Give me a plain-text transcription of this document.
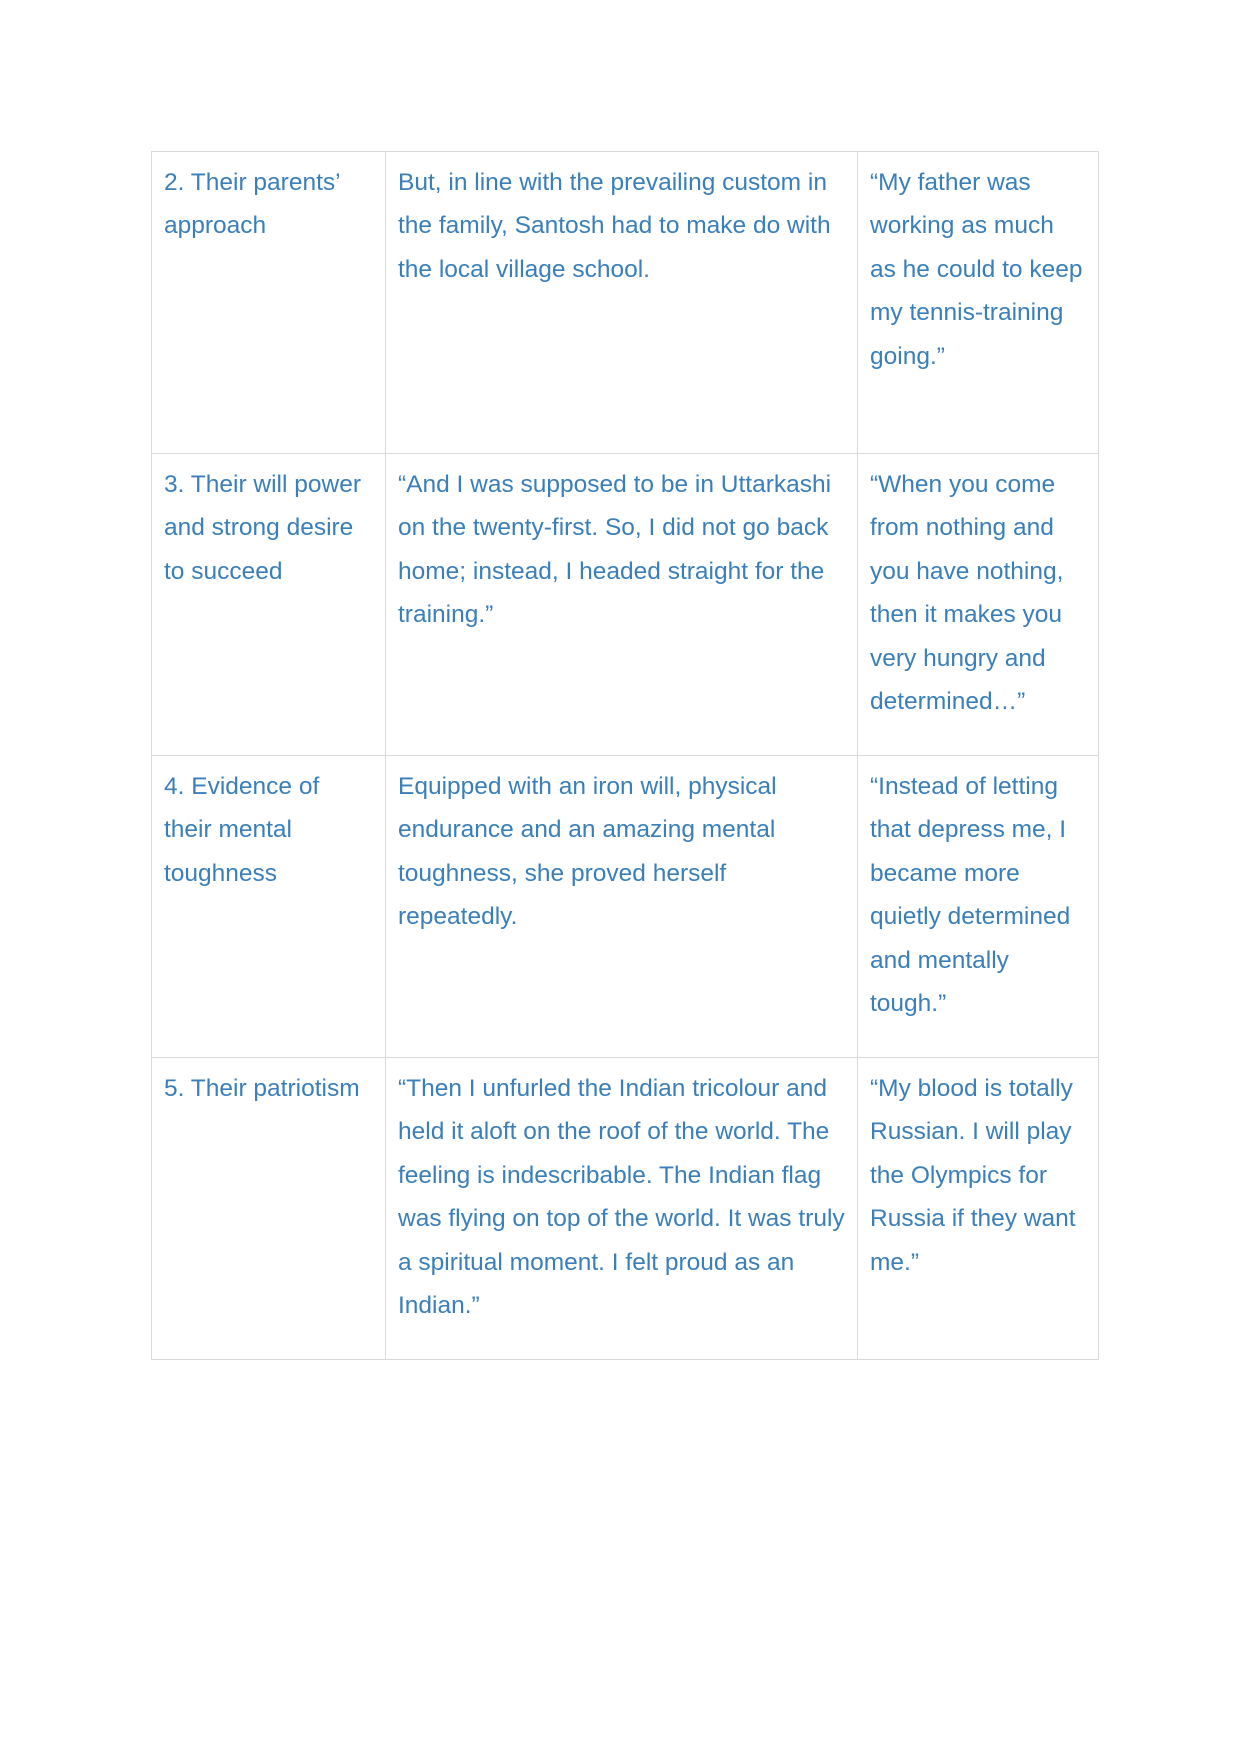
2. Their parents’ approach	But, in line with the prevailing custom in the family, Santosh had to make do with the local village school.	“My father was working as much as he could to keep my tennis-training going.”

3. Their will power and strong desire to succeed	“And I was supposed to be in Uttarkashi on the twenty-first. So, I did not go back home; instead, I headed straight for the training.”	“When you come from nothing and you have nothing, then it makes you very hungry and determined…”

4. Evidence of their mental toughness	Equipped with an iron will, physical endurance and an amazing mental toughness, she proved herself repeatedly.	“Instead of letting that depress me, I became more quietly determined and mentally tough.”

5. Their patriotism	“Then I unfurled the Indian tricolour and held it aloft on the roof of the world. The feeling is indescribable. The Indian flag was flying on top of the world. It was truly a spiritual moment. I felt proud as an Indian.”	“My blood is totally Russian. I will play the Olympics for Russia if they want me.”
